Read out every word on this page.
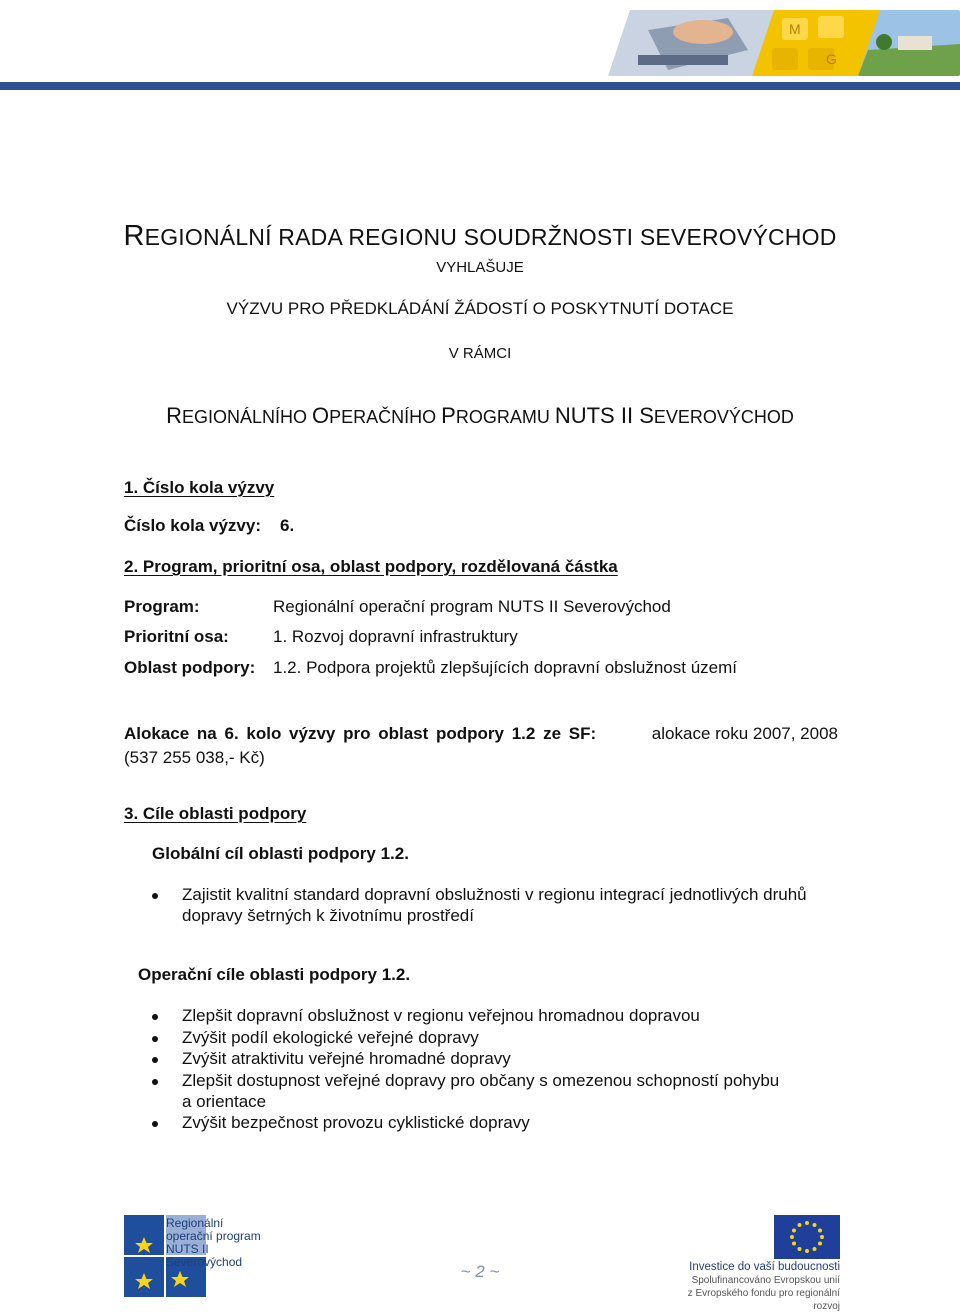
M
G
REGIONÁLNÍ RADA REGIONU SOUDRŽNOSTI SEVEROVÝCHOD
VYHLAŠUJE
VÝZVU PRO PŘEDKLÁDÁNÍ ŽÁDOSTÍ O POSKYTNUTÍ DOTACE
V RÁMCI
REGIONÁLNÍHO OPERAČNÍHO PROGRAMU NUTS II SEVEROVÝCHOD
1. Číslo kola výzvy
Číslo kola výzvy: 6.
2. Program, prioritní osa, oblast podpory, rozdělovaná částka
Program:	Regionální operační program NUTS II Severovýchod
Prioritní osa:	1. Rozvoj dopravní infrastruktury
Oblast podpory: 1.2. Podpora projektů zlepšujících dopravní obslužnost území
Alokace na 6. kolo výzvy pro oblast podpory 1.2 ze SF:	alokace roku 2007, 2008
(537 255 038,- Kč)
3. Cíle oblasti podpory
Globální cíl oblasti podpory 1.2.
Zajistit kvalitní standard dopravní obslužnosti v regionu integrací jednotlivých druhů
dopravy šetrných k životnímu prostředí
Operační cíle oblasti podpory 1.2.
Zlepšit dopravní obslužnost v regionu veřejnou hromadnou dopravou
Zvýšit podíl ekologické veřejné dopravy
Zvýšit atraktivitu veřejné hromadné dopravy
Zlepšit dostupnost veřejné dopravy pro občany s omezenou schopností pohybu
a orientace
Zvýšit bezpečnost provozu cyklistické dopravy
Regionální
operační program
NUTS II Severovýchod	~ 2 ~	Investice do vaší budoucnosti
Spolufinancováno Evropskou unií
z Evropského fondu pro regionální rozvoj
